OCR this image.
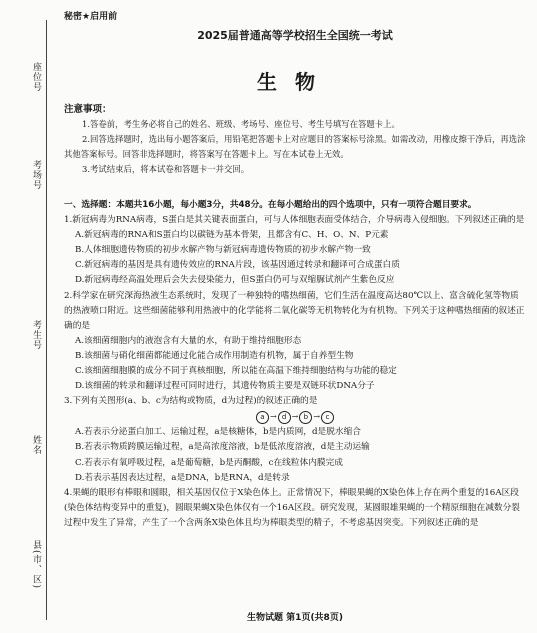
座位号
考场号
考生号
姓名
县(市、区)
秘密★启用前
2025届普通高等学校招生全国统一考试
生物
注意事项：

1.答卷前，考生务必将自己的姓名、班级、考场号、座位号、考生号填写在答题卡上。

2.回答选择题时，选出每小题答案后，用铅笔把答题卡上对应题目的答案标号涂黑。如需改动，用橡皮擦干净后，再选涂其他答案标号。回答非选择题时，将答案写在答题卡上。写在本试卷上无效。

3.考试结束后，将本试卷和答题卡一并交回。

一、选择题：本题共16小题，每小题3分，共48分。在每小题给出的四个选项中，只有一项符合题目要求。

1.新冠病毒为RNA病毒，S蛋白是其关键表面蛋白，可与人体细胞表面受体结合，介导病毒入侵细胞。下列叙述正确的是

A.新冠病毒的RNA和S蛋白均以碳链为基本骨架，且都含有C、H、O、N、P元素

B.人体细胞遗传物质的初步水解产物与新冠病毒遗传物质的初步水解产物一致

C.新冠病毒的基因是具有遗传效应的RNA片段，该基因通过转录和翻译可合成蛋白质

D.新冠病毒经高温处理后会失去侵染能力，但S蛋白仍可与双缩脲试剂产生紫色反应

2.科学家在研究深海热液生态系统时，发现了一种独特的嗜热细菌，它们生活在温度高达80℃以上、富含硫化氢等物质的热液喷口附近。这些细菌能够利用热液中的化学能将二氧化碳等无机物转化为有机物。下列关于这种嗜热细菌的叙述正确的是

A.该细菌细胞内的液泡含有大量的水，有助于维持细胞形态

B.该细菌与硝化细菌都能通过化能合成作用制造有机物，属于自养型生物

C.该细菌细胞膜的成分不同于真核细胞，所以能在高温下维持细胞结构与功能的稳定

D.该细菌的转录和翻译过程可同时进行，其遗传物质主要是双链环状DNA分子

3.下列有关图形(a、b、c为结构或物质，d为过程)的叙述正确的是

a → d → b → c

A.若表示分泌蛋白加工、运输过程，a是核糖体，b是内质网，d是脱水缩合

B.若表示物质跨膜运输过程，a是高浓度溶液，b是低浓度溶液，d是主动运输

C.若表示有氧呼吸过程，a是葡萄糖，b是丙酮酸，c在线粒体内膜完成

D.若表示基因表达过程，a是DNA，b是RNA，d是转录

4.果蝇的眼形有棒眼和圆眼，相关基因仅位于X染色体上。正常情况下，棒眼果蝇的X染色体上存在两个重复的16A区段(染色体结构变异中的重复)，圆眼果蝇X染色体仅有一个16A区段。研究发现，某圆眼雄果蝇的一个精原细胞在减数分裂过程中发生了异常，产生了一个含两条X染色体且均为棒眼类型的精子，不考虑基因突变。下列叙述正确的是

生物试题 第1页(共8页)
